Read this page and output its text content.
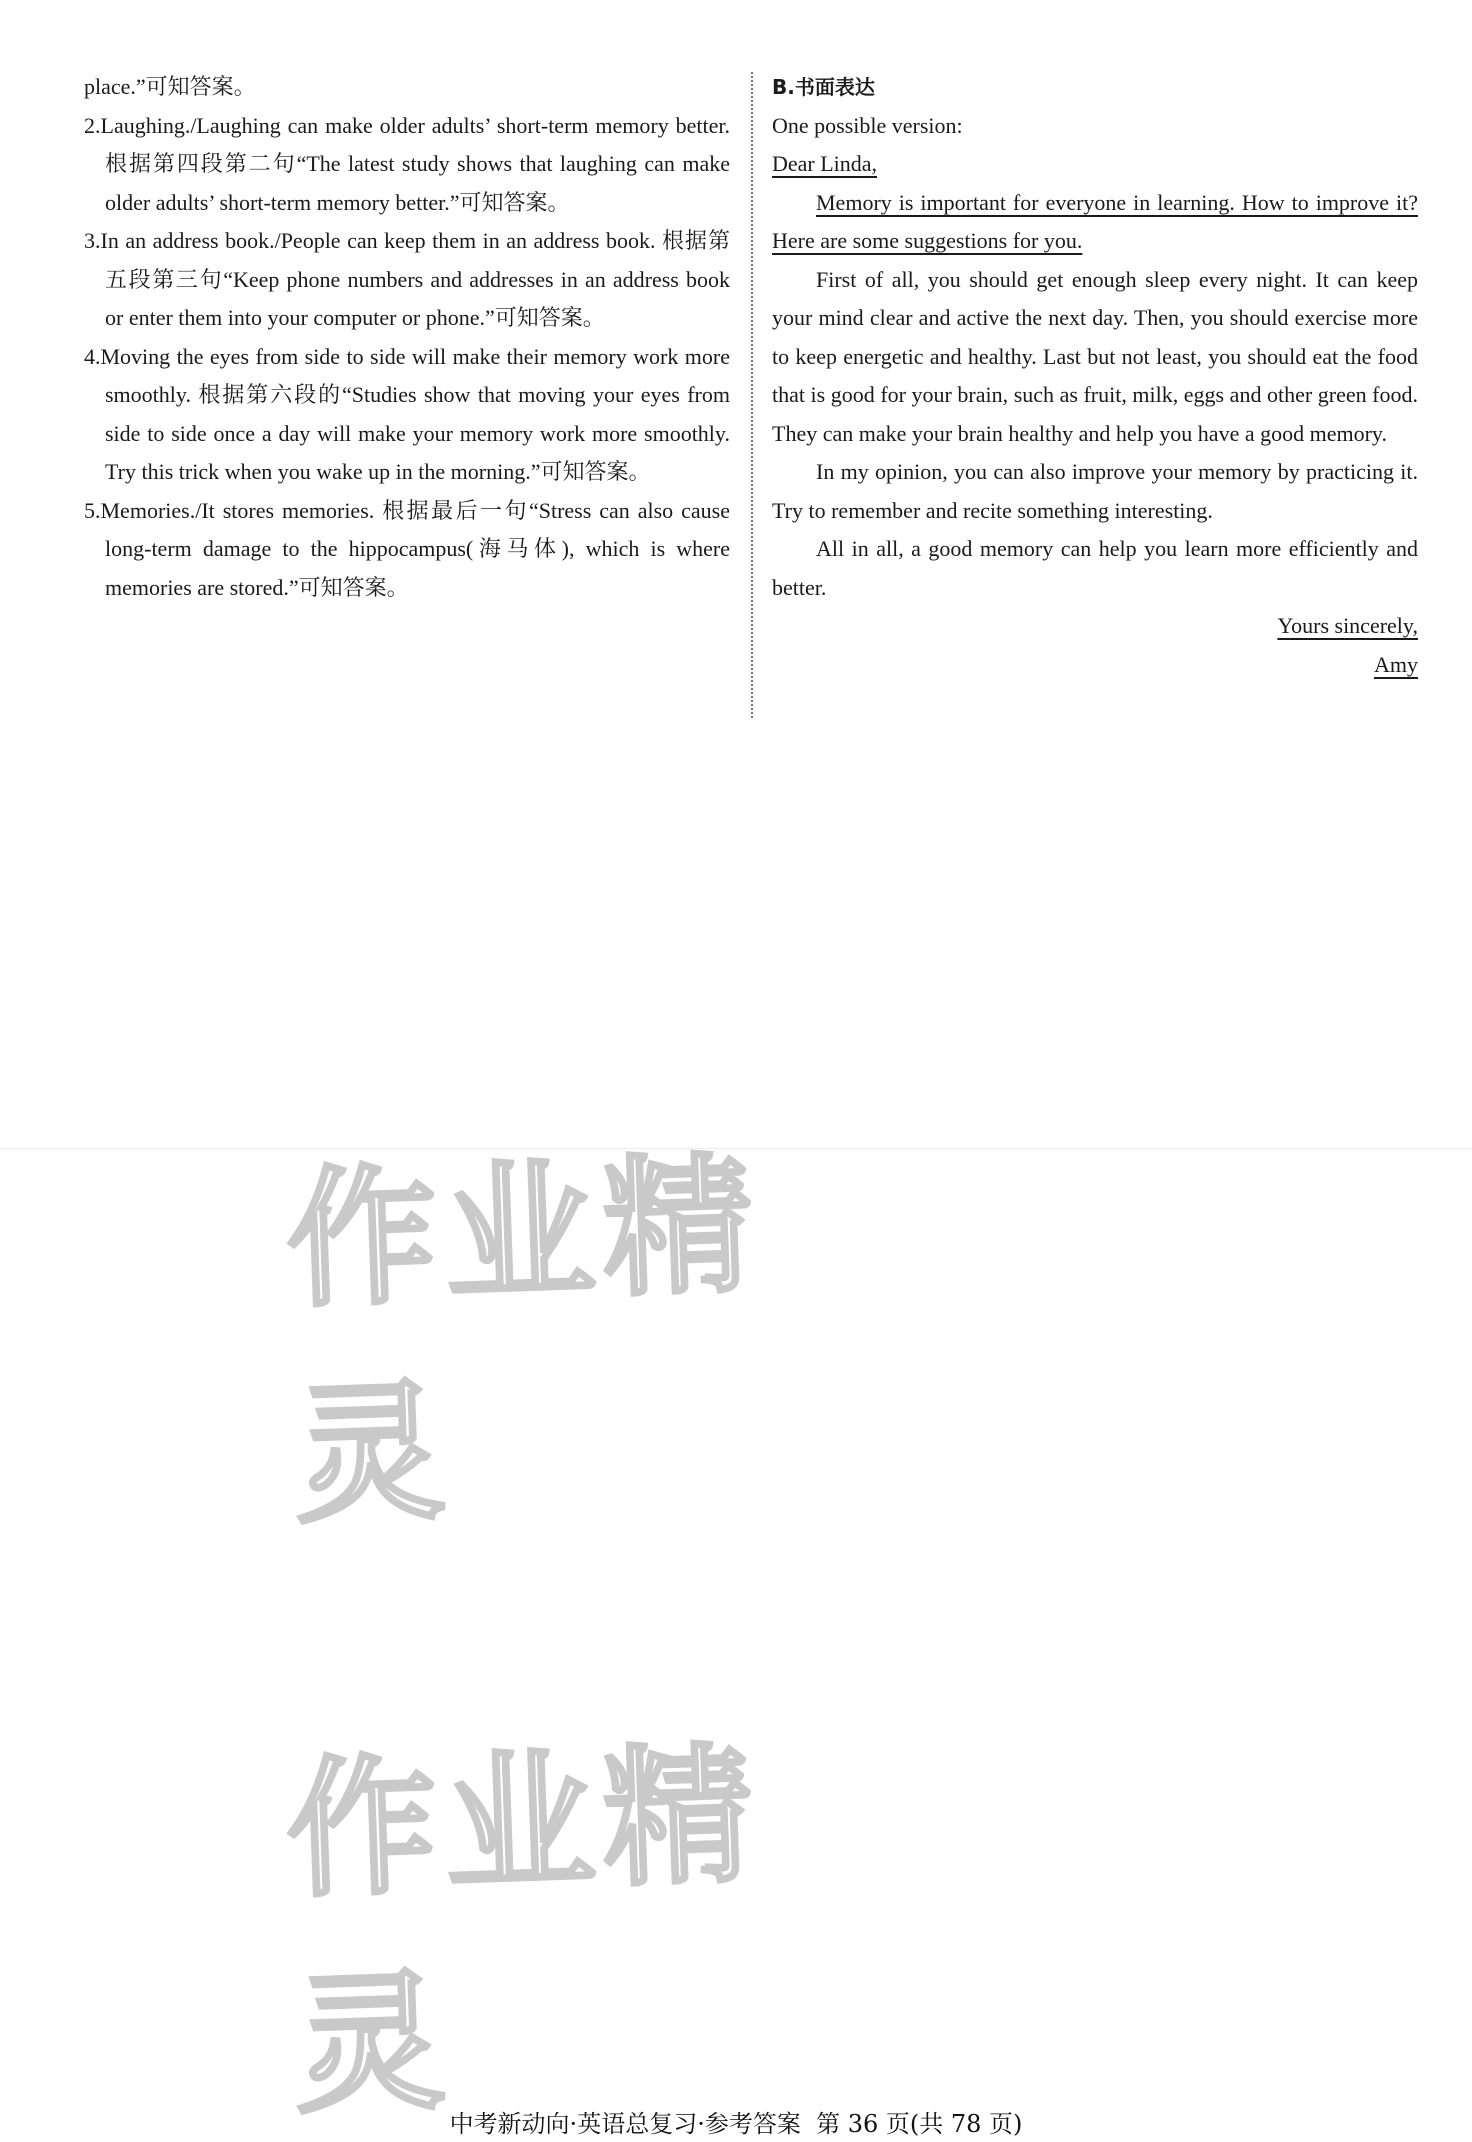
place.”可知答案。

2.Laughing./Laughing can make older adults’ short-term memory better. 根据第四段第二句“The latest study shows that laughing can make older adults’ short-term memory better.”可知答案。

3.In an address book./People can keep them in an address book. 根据第五段第三句“Keep phone numbers and addresses in an address book or enter them into your computer or phone.”可知答案。

4.Moving the eyes from side to side will make their memory work more smoothly. 根据第六段的“Studies show that moving your eyes from side to side once a day will make your memory work more smoothly. Try this trick when you wake up in the morning.”可知答案。

5.Memories./It stores memories. 根据最后一句“Stress can also cause long-term damage to the hippocampus(海马体), which is where memories are stored.”可知答案。

B.书面表达

One possible version:

Dear Linda,

Memory is important for everyone in learning. How to improve it? Here are some suggestions for you.

First of all, you should get enough sleep every night. It can keep your mind clear and active the next day. Then, you should exercise more to keep energetic and healthy. Last but not least, you should eat the food that is good for your brain, such as fruit, milk, eggs and other green food. They can make your brain healthy and help you have a good memory.

In my opinion, you can also improve your memory by practicing it. Try to remember and recite something interesting.

All in all, a good memory can help you learn more efficiently and better.

Yours sincerely,

Amy

作业精灵
作业精灵
中考新动向·英语总复习·参考答案 第 36 页(共 78 页)
